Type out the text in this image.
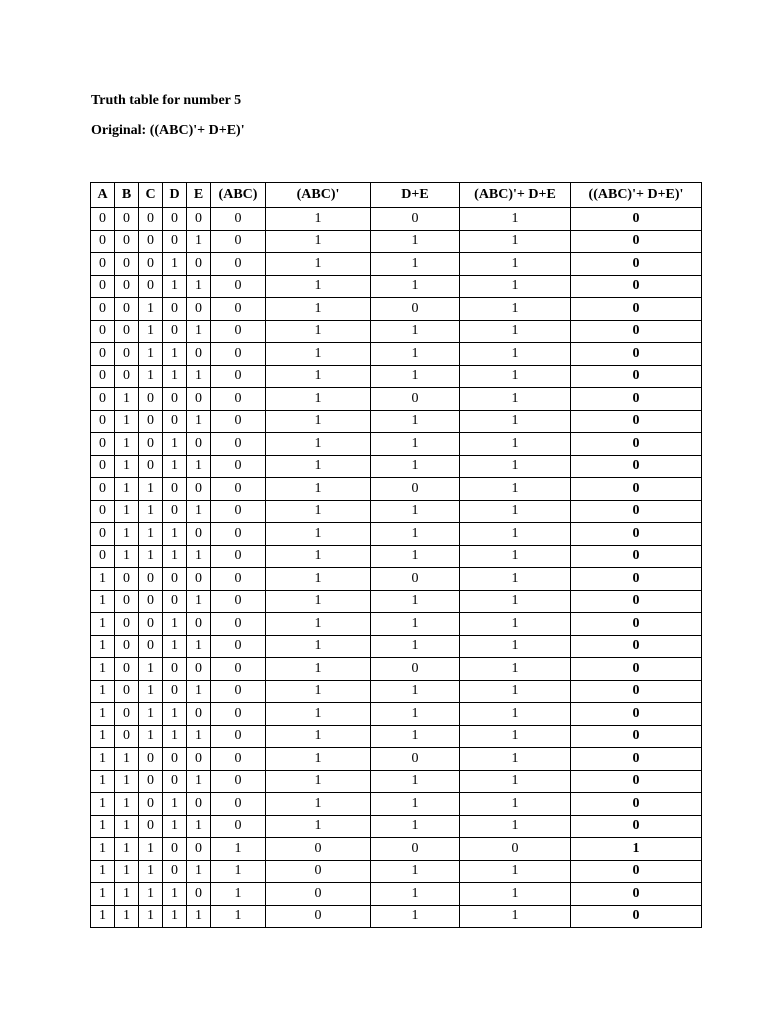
Truth table for number 5

Original: ((ABC)'+ D+E)'

A	B	C	D	E	(ABC)	(ABC)'	D+E	(ABC)'+ D+E	((ABC)'+ D+E)'
0	0	0	0	0	0	1	0	1	0
0	0	0	0	1	0	1	1	1	0
0	0	0	1	0	0	1	1	1	0
0	0	0	1	1	0	1	1	1	0
0	0	1	0	0	0	1	0	1	0
0	0	1	0	1	0	1	1	1	0
0	0	1	1	0	0	1	1	1	0
0	0	1	1	1	0	1	1	1	0
0	1	0	0	0	0	1	0	1	0
0	1	0	0	1	0	1	1	1	0
0	1	0	1	0	0	1	1	1	0
0	1	0	1	1	0	1	1	1	0
0	1	1	0	0	0	1	0	1	0
0	1	1	0	1	0	1	1	1	0
0	1	1	1	0	0	1	1	1	0
0	1	1	1	1	0	1	1	1	0
1	0	0	0	0	0	1	0	1	0
1	0	0	0	1	0	1	1	1	0
1	0	0	1	0	0	1	1	1	0
1	0	0	1	1	0	1	1	1	0
1	0	1	0	0	0	1	0	1	0
1	0	1	0	1	0	1	1	1	0
1	0	1	1	0	0	1	1	1	0
1	0	1	1	1	0	1	1	1	0
1	1	0	0	0	0	1	0	1	0
1	1	0	0	1	0	1	1	1	0
1	1	0	1	0	0	1	1	1	0
1	1	0	1	1	0	1	1	1	0
1	1	1	0	0	1	0	0	0	1
1	1	1	0	1	1	0	1	1	0
1	1	1	1	0	1	0	1	1	0
1	1	1	1	1	1	0	1	1	0
